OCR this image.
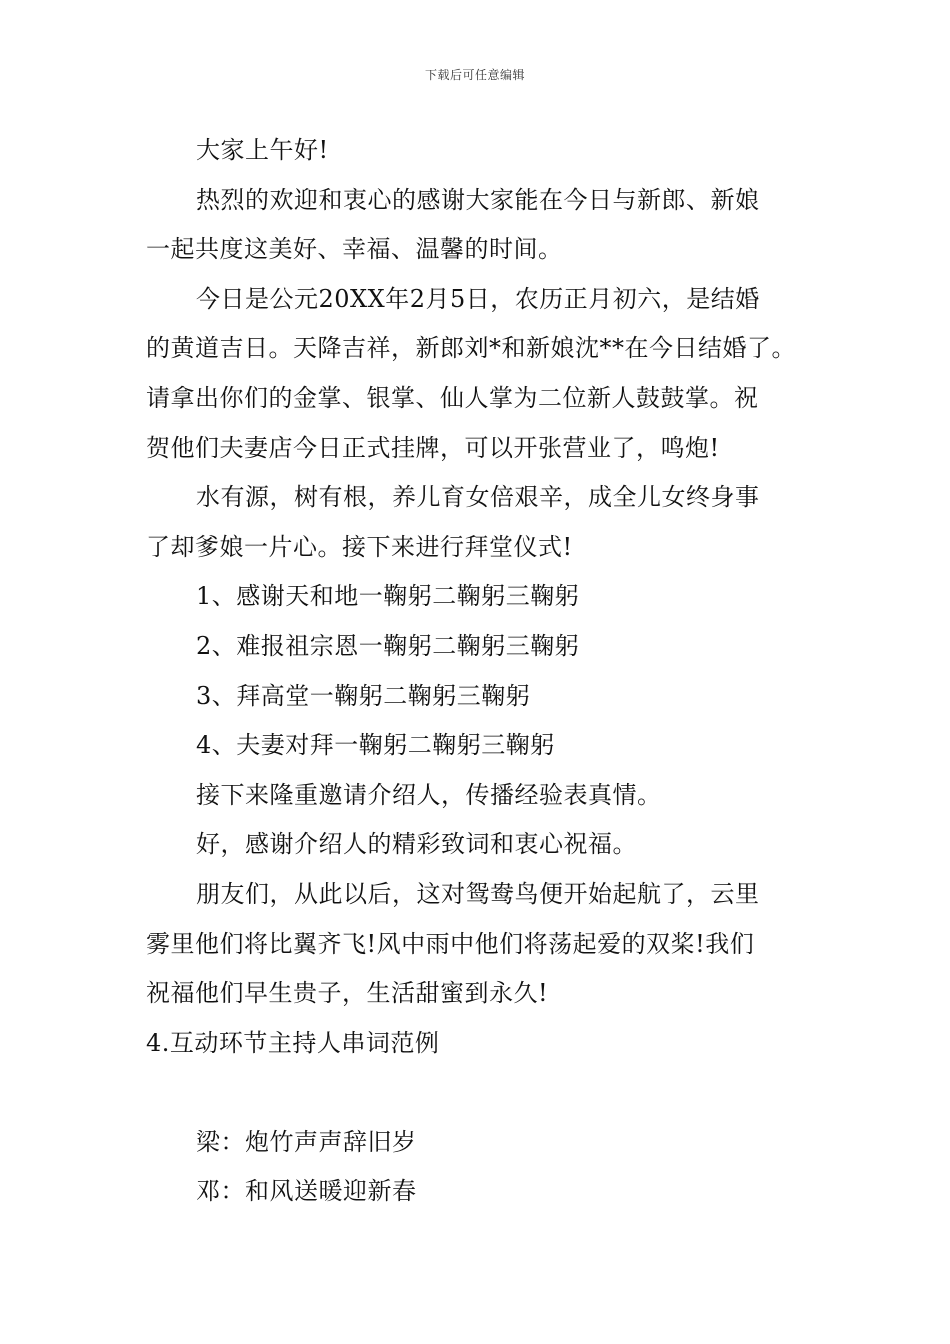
下载后可任意编辑
大家上午好!
热烈的欢迎和衷心的感谢大家能在今日与新郎、新娘
一起共度这美好、幸福、温馨的时间。
今日是公元20XX年2月5日，农历正月初六，是结婚
的黄道吉日。天降吉祥，新郎刘*和新娘沈**在今日结婚了。
请拿出你们的金掌、银掌、仙人掌为二位新人鼓鼓掌。祝
贺他们夫妻店今日正式挂牌，可以开张营业了，鸣炮!
水有源，树有根，养儿育女倍艰辛，成全儿女终身事
了却爹娘一片心。接下来进行拜堂仪式!
1、感谢天和地一鞠躬二鞠躬三鞠躬
2、难报祖宗恩一鞠躬二鞠躬三鞠躬
3、拜高堂一鞠躬二鞠躬三鞠躬
4、夫妻对拜一鞠躬二鞠躬三鞠躬
接下来隆重邀请介绍人，传播经验表真情。
好，感谢介绍人的精彩致词和衷心祝福。
朋友们，从此以后，这对鸳鸯鸟便开始起航了，云里
雾里他们将比翼齐飞!风中雨中他们将荡起爱的双桨!我们
祝福他们早生贵子，生活甜蜜到永久!
4.互动环节主持人串词范例
梁：炮竹声声辞旧岁
邓：和风送暖迎新春
